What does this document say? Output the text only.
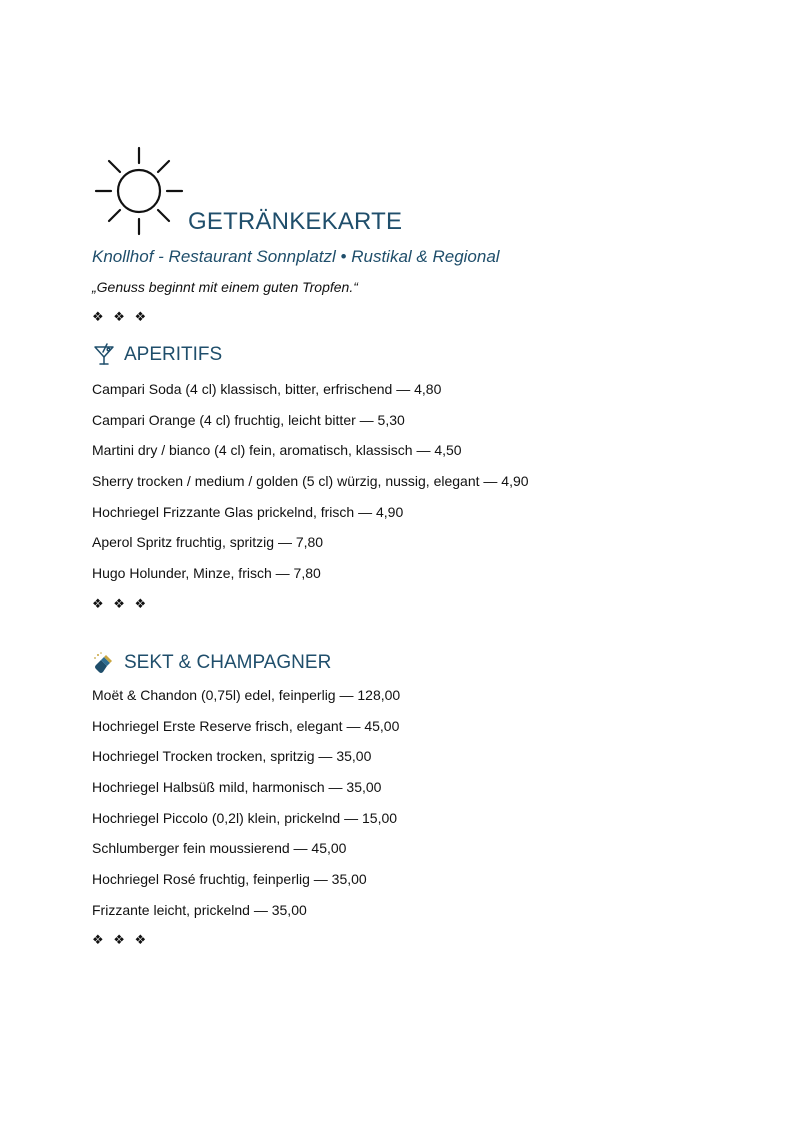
GETRÄNKEKARTE
Knollhof - Restaurant Sonnplatzl • Rustikal & Regional
„Genuss beginnt mit einem guten Tropfen.“
❖ ❖ ❖
APERITIFS
Campari Soda (4 cl) klassisch, bitter, erfrischend — 4,80
Campari Orange (4 cl) fruchtig, leicht bitter — 5,30
Martini dry / bianco (4 cl) fein, aromatisch, klassisch — 4,50
Sherry trocken / medium / golden (5 cl) würzig, nussig, elegant — 4,90
Hochriegel Frizzante Glas prickelnd, frisch — 4,90
Aperol Spritz fruchtig, spritzig — 7,80
Hugo Holunder, Minze, frisch — 7,80
❖ ❖ ❖
SEKT & CHAMPAGNER
Moët & Chandon (0,75l) edel, feinperlig — 128,00
Hochriegel Erste Reserve frisch, elegant — 45,00
Hochriegel Trocken trocken, spritzig — 35,00
Hochriegel Halbsüß mild, harmonisch — 35,00
Hochriegel Piccolo (0,2l) klein, prickelnd — 15,00
Schlumberger fein moussierend — 45,00
Hochriegel Rosé fruchtig, feinperlig — 35,00
Frizzante leicht, prickelnd — 35,00
❖ ❖ ❖
